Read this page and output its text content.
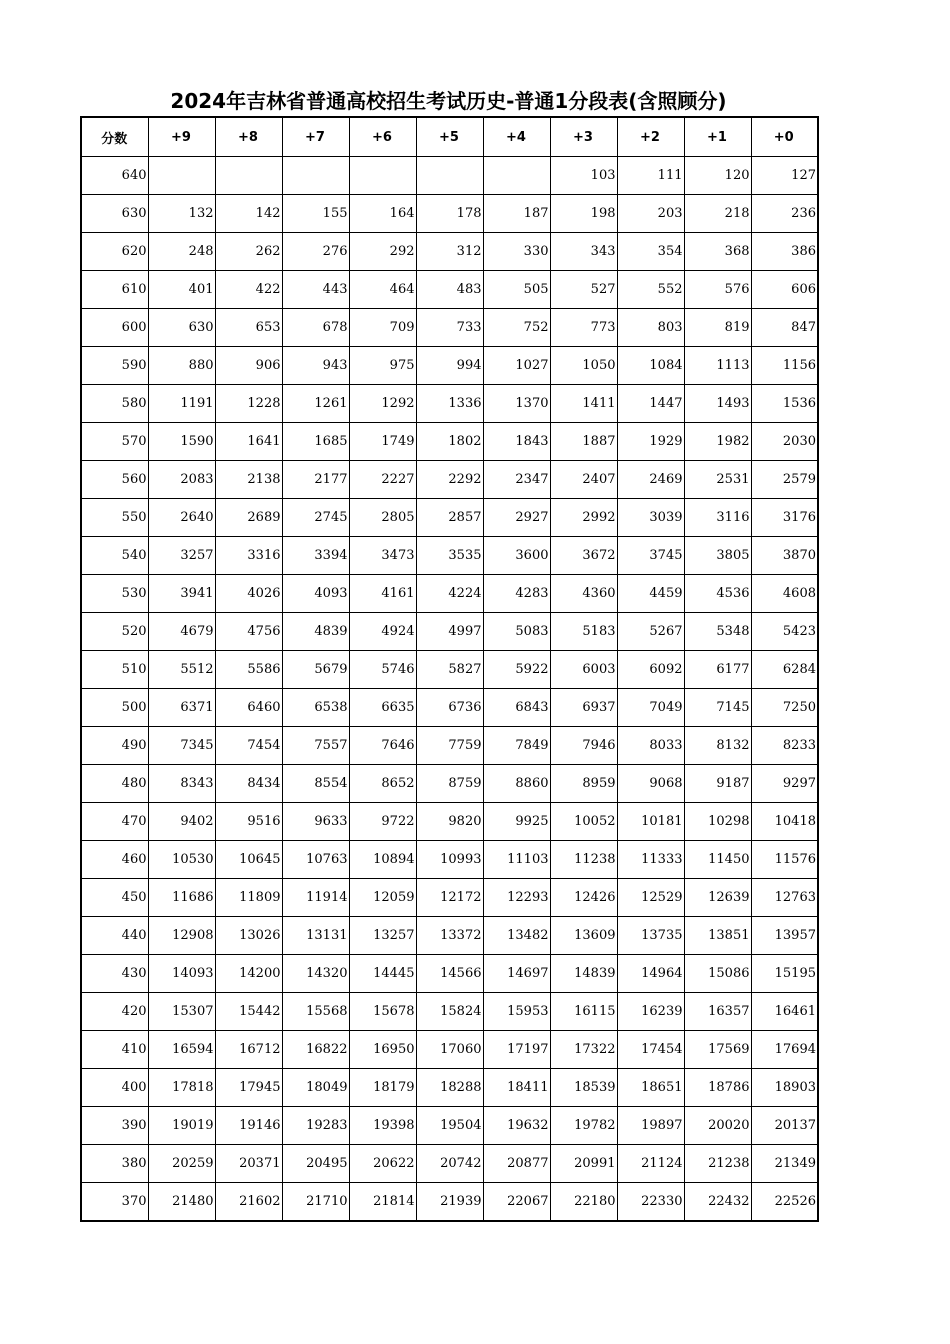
2024年吉林省普通高校招生考试历史-普通1分段表(含照顾分)
分数	+9	+8	+7	+6	+5	+4	+3	+2	+1	+0
640							103	111	120	127
630	132	142	155	164	178	187	198	203	218	236
620	248	262	276	292	312	330	343	354	368	386
610	401	422	443	464	483	505	527	552	576	606
600	630	653	678	709	733	752	773	803	819	847
590	880	906	943	975	994	1027	1050	1084	1113	1156
580	1191	1228	1261	1292	1336	1370	1411	1447	1493	1536
570	1590	1641	1685	1749	1802	1843	1887	1929	1982	2030
560	2083	2138	2177	2227	2292	2347	2407	2469	2531	2579
550	2640	2689	2745	2805	2857	2927	2992	3039	3116	3176
540	3257	3316	3394	3473	3535	3600	3672	3745	3805	3870
530	3941	4026	4093	4161	4224	4283	4360	4459	4536	4608
520	4679	4756	4839	4924	4997	5083	5183	5267	5348	5423
510	5512	5586	5679	5746	5827	5922	6003	6092	6177	6284
500	6371	6460	6538	6635	6736	6843	6937	7049	7145	7250
490	7345	7454	7557	7646	7759	7849	7946	8033	8132	8233
480	8343	8434	8554	8652	8759	8860	8959	9068	9187	9297
470	9402	9516	9633	9722	9820	9925	10052	10181	10298	10418
460	10530	10645	10763	10894	10993	11103	11238	11333	11450	11576
450	11686	11809	11914	12059	12172	12293	12426	12529	12639	12763
440	12908	13026	13131	13257	13372	13482	13609	13735	13851	13957
430	14093	14200	14320	14445	14566	14697	14839	14964	15086	15195
420	15307	15442	15568	15678	15824	15953	16115	16239	16357	16461
410	16594	16712	16822	16950	17060	17197	17322	17454	17569	17694
400	17818	17945	18049	18179	18288	18411	18539	18651	18786	18903
390	19019	19146	19283	19398	19504	19632	19782	19897	20020	20137
380	20259	20371	20495	20622	20742	20877	20991	21124	21238	21349
370	21480	21602	21710	21814	21939	22067	22180	22330	22432	22526
